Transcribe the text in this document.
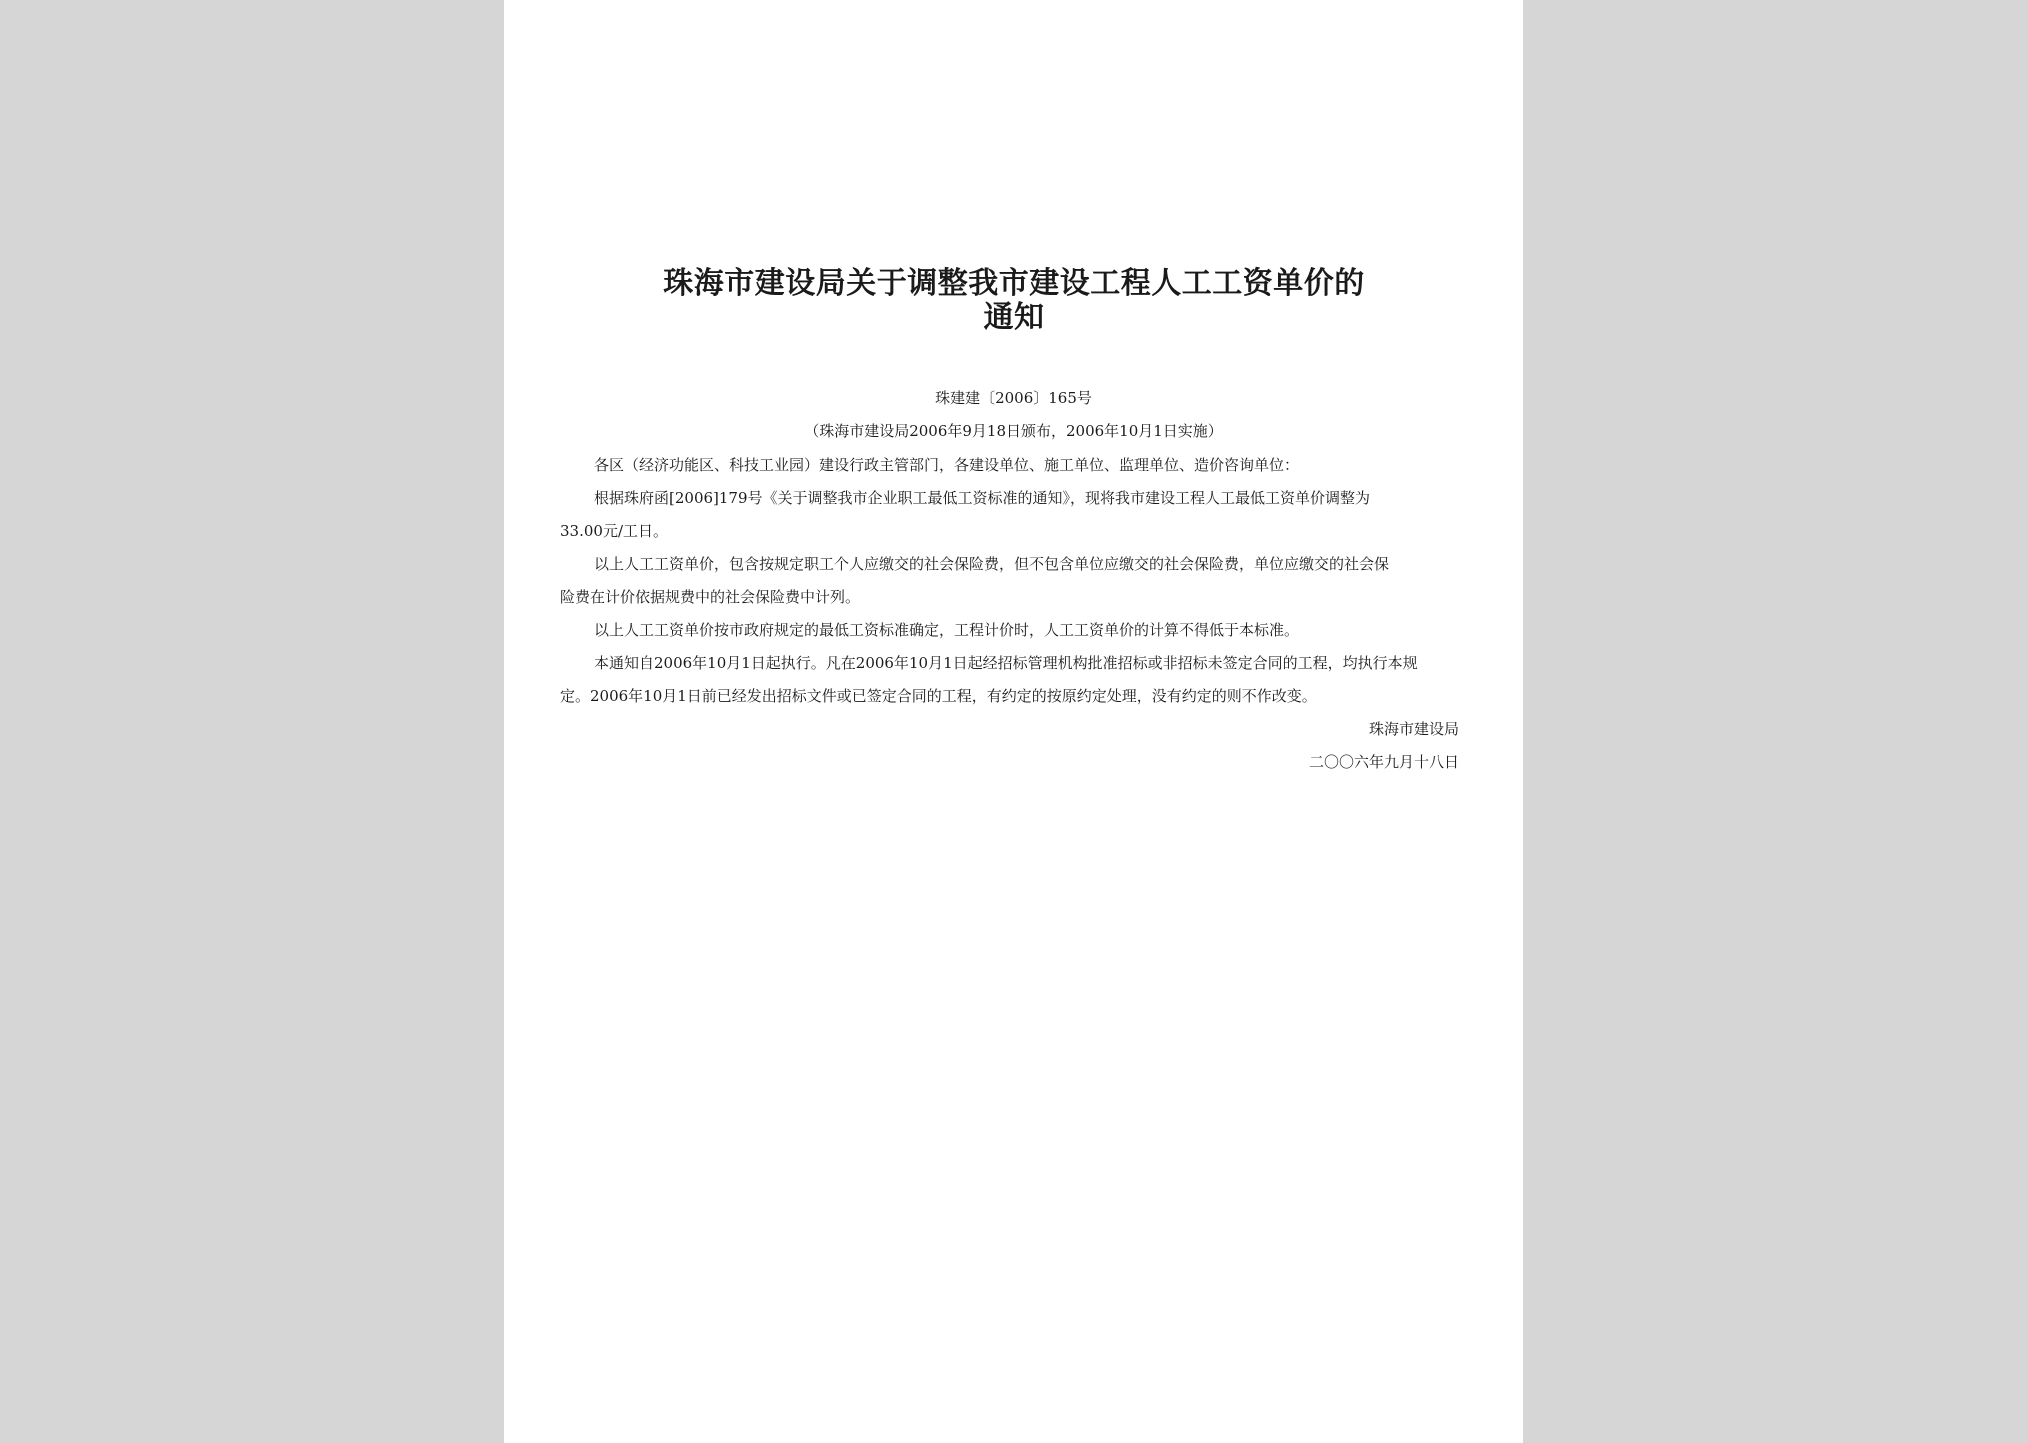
珠海市建设局关于调整我市建设工程人工工资单价的
通知

珠建建〔2006〕165号

（珠海市建设局2006年9月18日颁布，2006年10月1日实施）

各区（经济功能区、科技工业园）建设行政主管部门，各建设单位、施工单位、监理单位、造价咨询单位：

根据珠府函[2006]179号《关于调整我市企业职工最低工资标准的通知》，现将我市建设工程人工最低工资单价调整为

33.00元/工日。

以上人工工资单价，包含按规定职工个人应缴交的社会保险费，但不包含单位应缴交的社会保险费，单位应缴交的社会保

险费在计价依据规费中的社会保险费中计列。

以上人工工资单价按市政府规定的最低工资标准确定，工程计价时，人工工资单价的计算不得低于本标准。

本通知自2006年10月1日起执行。凡在2006年10月1日起经招标管理机构批准招标或非招标未签定合同的工程，均执行本规

定。2006年10月1日前已经发出招标文件或已签定合同的工程，有约定的按原约定处理，没有约定的则不作改变。

珠海市建设局

二〇〇六年九月十八日
